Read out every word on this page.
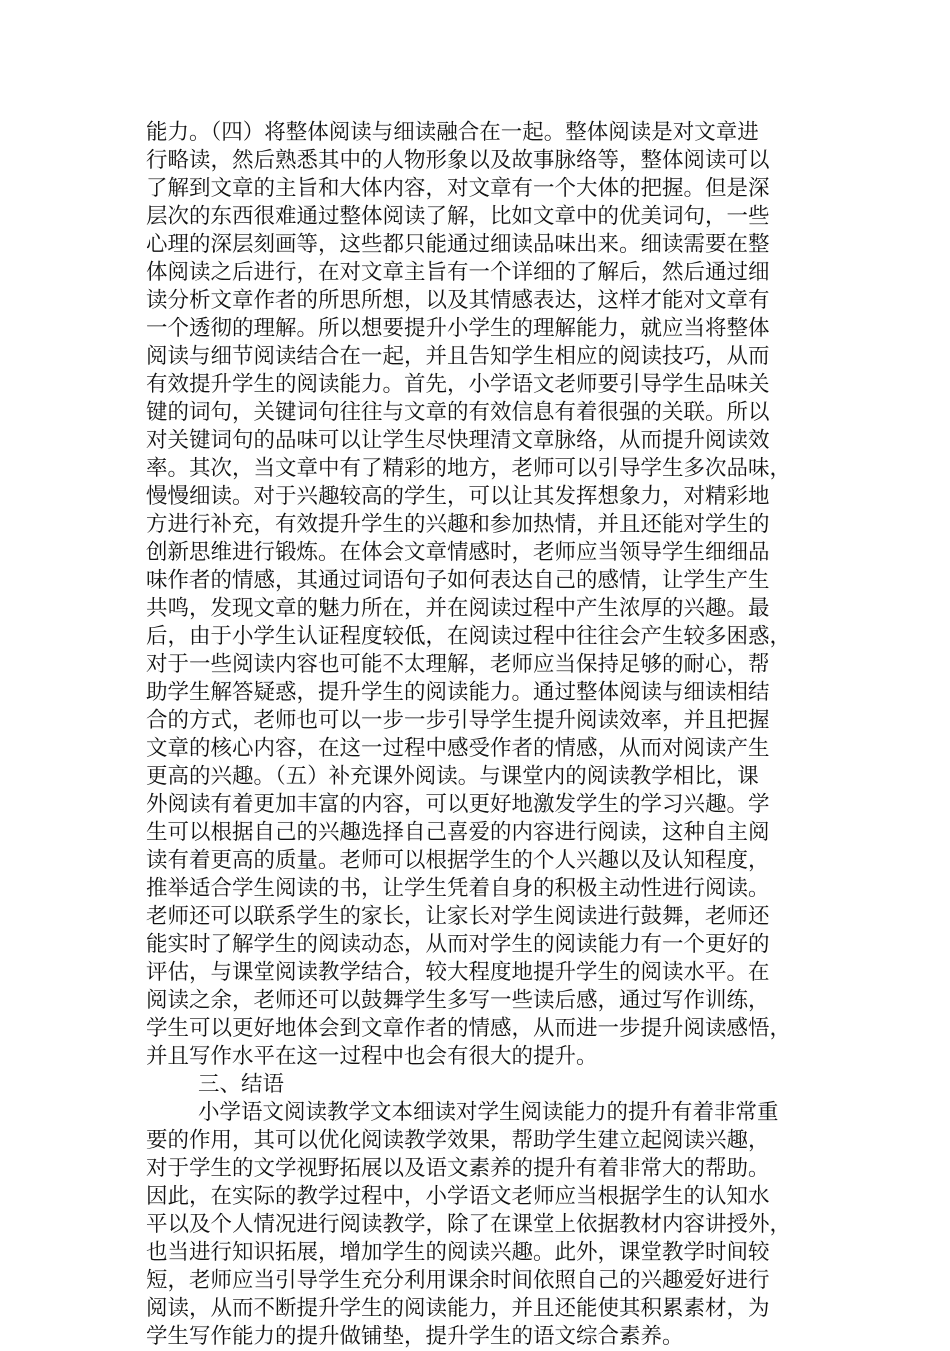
能力。（四）将整体阅读与细读融合在一起。整体阅读是对文章进
行略读，然后熟悉其中的人物形象以及故事脉络等，整体阅读可以
了解到文章的主旨和大体内容，对文章有一个大体的把握。但是深
层次的东西很难通过整体阅读了解，比如文章中的优美词句，一些
心理的深层刻画等，这些都只能通过细读品味出来。细读需要在整
体阅读之后进行，在对文章主旨有一个详细的了解后，然后通过细
读分析文章作者的所思所想，以及其情感表达，这样才能对文章有
一个透彻的理解。所以想要提升小学生的理解能力，就应当将整体
阅读与细节阅读结合在一起，并且告知学生相应的阅读技巧，从而
有效提升学生的阅读能力。首先，小学语文老师要引导学生品味关
键的词句，关键词句往往与文章的有效信息有着很强的关联。所以
对关键词句的品味可以让学生尽快理清文章脉络，从而提升阅读效
率。其次，当文章中有了精彩的地方，老师可以引导学生多次品味，
慢慢细读。对于兴趣较高的学生，可以让其发挥想象力，对精彩地
方进行补充，有效提升学生的兴趣和参加热情，并且还能对学生的
创新思维进行锻炼。在体会文章情感时，老师应当领导学生细细品
味作者的情感，其通过词语句子如何表达自己的感情，让学生产生
共鸣，发现文章的魅力所在，并在阅读过程中产生浓厚的兴趣。最
后，由于小学生认证程度较低，在阅读过程中往往会产生较多困惑，
对于一些阅读内容也可能不太理解，老师应当保持足够的耐心，帮
助学生解答疑惑，提升学生的阅读能力。通过整体阅读与细读相结
合的方式，老师也可以一步一步引导学生提升阅读效率，并且把握
文章的核心内容，在这一过程中感受作者的情感，从而对阅读产生
更高的兴趣。（五）补充课外阅读。与课堂内的阅读教学相比，课
外阅读有着更加丰富的内容，可以更好地激发学生的学习兴趣。学
生可以根据自己的兴趣选择自己喜爱的内容进行阅读，这种自主阅
读有着更高的质量。老师可以根据学生的个人兴趣以及认知程度，
推举适合学生阅读的书，让学生凭着自身的积极主动性进行阅读。
老师还可以联系学生的家长，让家长对学生阅读进行鼓舞，老师还
能实时了解学生的阅读动态，从而对学生的阅读能力有一个更好的
评估，与课堂阅读教学结合，较大程度地提升学生的阅读水平。在
阅读之余，老师还可以鼓舞学生多写一些读后感，通过写作训练，
学生可以更好地体会到文章作者的情感，从而进一步提升阅读感悟，
并且写作水平在这一过程中也会有很大的提升。
三、结语
小学语文阅读教学文本细读对学生阅读能力的提升有着非常重
要的作用，其可以优化阅读教学效果，帮助学生建立起阅读兴趣，
对于学生的文学视野拓展以及语文素养的提升有着非常大的帮助。
因此，在实际的教学过程中，小学语文老师应当根据学生的认知水
平以及个人情况进行阅读教学，除了在课堂上依据教材内容讲授外，
也当进行知识拓展，增加学生的阅读兴趣。此外，课堂教学时间较
短，老师应当引导学生充分利用课余时间依照自己的兴趣爱好进行
阅读，从而不断提升学生的阅读能力，并且还能使其积累素材，为
学生写作能力的提升做铺垫，提升学生的语文综合素养。
